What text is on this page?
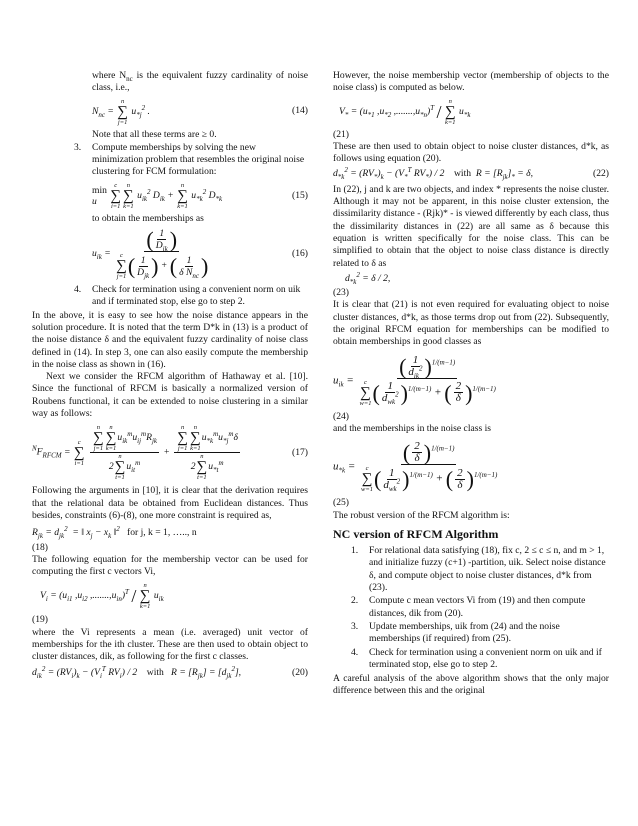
where $N_{nc}$ is the equivalent fuzzy cardinality of noise class, i.e.,

$N_{nc}$ =
n
∑
j=1
$u_{*j}^2$ .	(14)

Note that all these terms are ≥ 0.

3.	Compute memberships by solving the new minimization problem that resembles the original noise clustering for FCM formulation:
min
u

c
∑
i=1
n
∑
k=1
$u_{ik}^2$ $D_{ik}$ +
n
∑
k=1
$u_{*k}^2$ $D_{*k}$	(15)

to obtain the memberships as

$u_{ik}$ = ( $\frac{1}{D_{ik}}$ )
c
∑
j=1 ( $\frac{1}{D_{jk}}$ ) + ( $\frac{1}{\delta N_{nc}}$ )	(16)
4.	Check for termination using a convenient norm on uik and if terminated stop, else go to step 2.

In the above, it is easy to see how the noise distance appears in the solution procedure. It is noted that the term D*k in (13) is a product of the noise distance δ and the equivalent fuzzy cardinality of noise class defined in (14). In step 3, one can also easily compute the membership in the noise class as shown in (16).

Next we consider the RFCM algorithm of Hathaway et al. [10]. Since the functional of RFCM is basically a normalized version of Roubens functional, it can be extended to noise clustering in a similar way as follows:

$^NF_{RFCM}$ =
c
∑
i=1
n
∑
j=1
n
∑
k=1
$u_{ik}^mu_{ij}^mR_{jk}$
2
n
∑
t=1
$u_{it}^m + n$
∑
j=1
n
∑
k=1
$u_{*k}^mu_{*j}^m\delta$
2
n
∑
t=1
$u_{*t}^m$	(17)

Following the arguments in [10], it is clear that the derivation requires that the relational data be obtained from Euclidean distances. Thus besides, constraints (6)-(8), one more constraint is required as,

$R_{jk} = d_{jk}^2$  = ‖ $x_j - x_k$ ‖$^2$ for j, k = 1, ….., n

(18)

The following equation for the membership vector can be used for computing the first c vectors Vi,

$V_i = (u_{i1}$ $,u_{i2}$ $,.......,u_{in})^T$ /
n
∑
k=1
$u_{ik}$

(19)

where the Vi represents a mean (i.e. averaged) unit vector of memberships for the ith cluster. These are then used to obtain object to cluster distances, dik, as following for the first c classes.

$d_{ik}^2 = (RV_i)_k - (V_i^T$ $RV_i) / 2$    with   $R = [R_{jk}] = [d_{jk}^2]$,	(20)

However, the noise membership vector (membership of objects to the noise class) is computed as below.

$V_* = (u_{*1}$ $,u_{*2}$ $,.......,u_{*n})^T$ /
n
∑
k=1
$u_{*k}$

(21)

These are then used to obtain object to noise cluster distances, d*k, as follows using equation (20).

$d_{*k}^2 = (RV_*)_k - (V_*^T$ $RV_*) / 2$    with  $R = [R_{jk}]_* = \delta$,	(22)

In (22), j and k are two objects, and index * represents the noise cluster. Although it may not be apparent, in this noise cluster extension, the dissimilarity distance - (Rjk)* - is viewed differently by each class, thus the dissimilarity distances in (22) are all same as δ because this equation is written specifically for the noise class. This can be simplified to obtain that the object to noise class distance is directly related to δ as

$d_{*k}^2 = \delta / 2$,

(23)

It is clear that (21) is not even required for evaluating object to noise cluster distances, d*k, as those terms drop out from (22). Subsequently, the original RFCM equation for memberships can be modified to obtain memberships in good classes as

$u_{ik}$ = ( $\frac{1}{d_{ik}^2} )^{1/(m-1)}$
c
∑
w=1 ( $\frac{1}{d_{wk}^2} )^{1/(m-1)}$ + ( $\frac{2}{\delta} )^{1/(m-1)}$

(24)

and the memberships in the noise class is

$u_{*k}$ = ( $\frac{2}{\delta} )^{1/(m-1)}$
c
∑
w=1 ( $\frac{1}{d_{wk}^2} )^{1/(m-1)}$ + ( $\frac{2}{\delta} )^{1/(m-1)}$

(25)

The robust version of the RFCM algorithm is:

NC version of RFCM Algorithm
1.	For relational data satisfying (18), fix c, 2 ≤ c ≤ n, and m > 1, and initialize fuzzy (c+1) -partition, uik. Select noise distance δ, and compute object to noise cluster distances, d*k from (23).
2.	Compute c mean vectors Vi from (19) and then compute distances, dik from (20).
3.	Update memberships, uik from (24) and the noise memberships (if required) from (25).
4.	Check for termination using a convenient norm on uik and if terminated stop, else go to step 2.

A careful analysis of the above algorithm shows that the only major difference between this and the original
